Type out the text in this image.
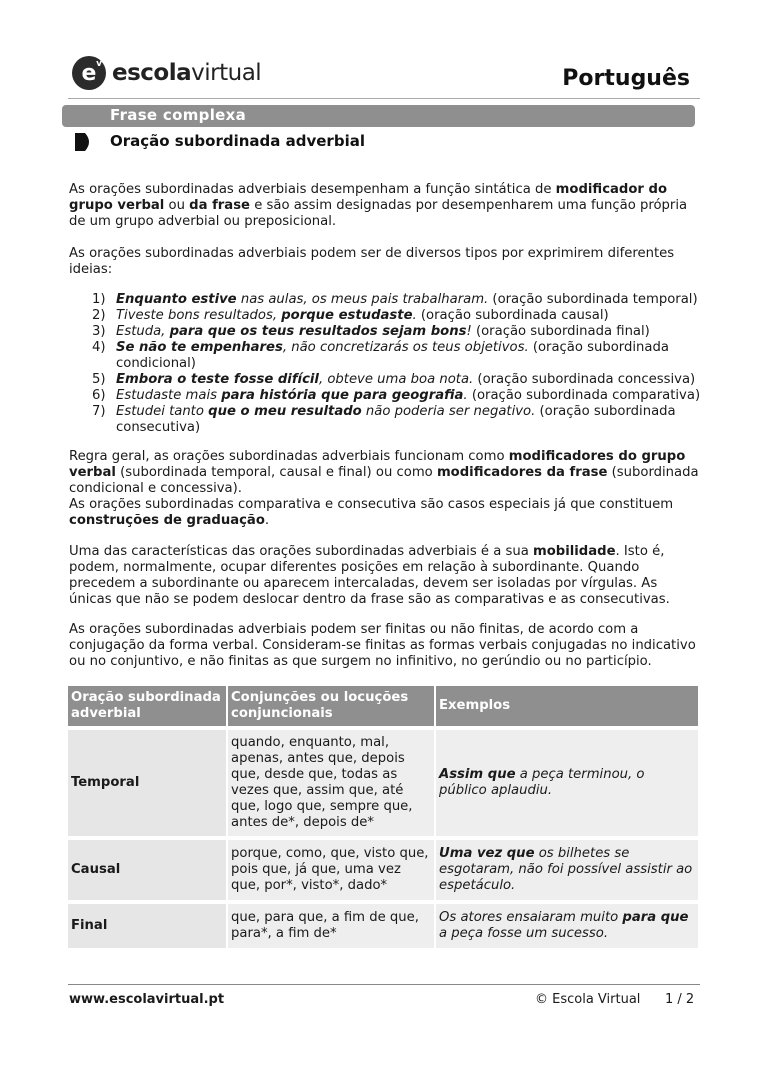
$e^v$ escolavirtual	Português
Frase complexa
Oração subordinada adverbial
As orações subordinadas adverbiais desempenham a função sintática de modificador do grupo verbal ou da frase e são assim designadas por desempenharem uma função própria de um grupo adverbial ou preposicional.
As orações subordinadas adverbiais podem ser de diversos tipos por exprimirem diferentes ideias:
1) Enquanto estive nas aulas, os meus pais trabalharam. (oração subordinada temporal)
2) Tiveste bons resultados, porque estudaste. (oração subordinada causal)
3) Estuda, para que os teus resultados sejam bons! (oração subordinada final)
4) Se não te empenhares, não concretizarás os teus objetivos. (oração subordinada condicional)
5) Embora o teste fosse difícil, obteve uma boa nota. (oração subordinada concessiva)
6) Estudaste mais para história que para geografia. (oração subordinada comparativa)
7) Estudei tanto que o meu resultado não poderia ser negativo. (oração subordinada consecutiva)
Regra geral, as orações subordinadas adverbiais funcionam como modificadores do grupo verbal (subordinada temporal, causal e final) ou como modificadores da frase (subordinada condicional e concessiva).
As orações subordinadas comparativa e consecutiva são casos especiais já que constituem construções de graduação.
Uma das características das orações subordinadas adverbiais é a sua mobilidade. Isto é, podem, normalmente, ocupar diferentes posições em relação à subordinante. Quando precedem a subordinante ou aparecem intercaladas, devem ser isoladas por vírgulas. As únicas que não se podem deslocar dentro da frase são as comparativas e as consecutivas.
As orações subordinadas adverbiais podem ser finitas ou não finitas, de acordo com a conjugação da forma verbal. Consideram-se finitas as formas verbais conjugadas no indicativo ou no conjuntivo, e não finitas as que surgem no infinitivo, no gerúndio ou no particípio.
Oração subordinada adverbial	Conjunções ou locuções conjuncionais	Exemplos

Temporal	quando, enquanto, mal, apenas, antes que, depois que, desde que, todas as vezes que, assim que, até que, logo que, sempre que, antes de*, depois de*	Assim que a peça terminou, o público aplaudiu.

Causal	porque, como, que, visto que, pois que, já que, uma vez que, por*, visto*, dado*	Uma vez que os bilhetes se esgotaram, não foi possível assistir ao espetáculo.

Final	que, para que, a fim de que, para*, a fim de*	Os atores ensaiaram muito para que a peça fosse um sucesso.
www.escolavirtual.pt	© Escola Virtual 1 / 2
